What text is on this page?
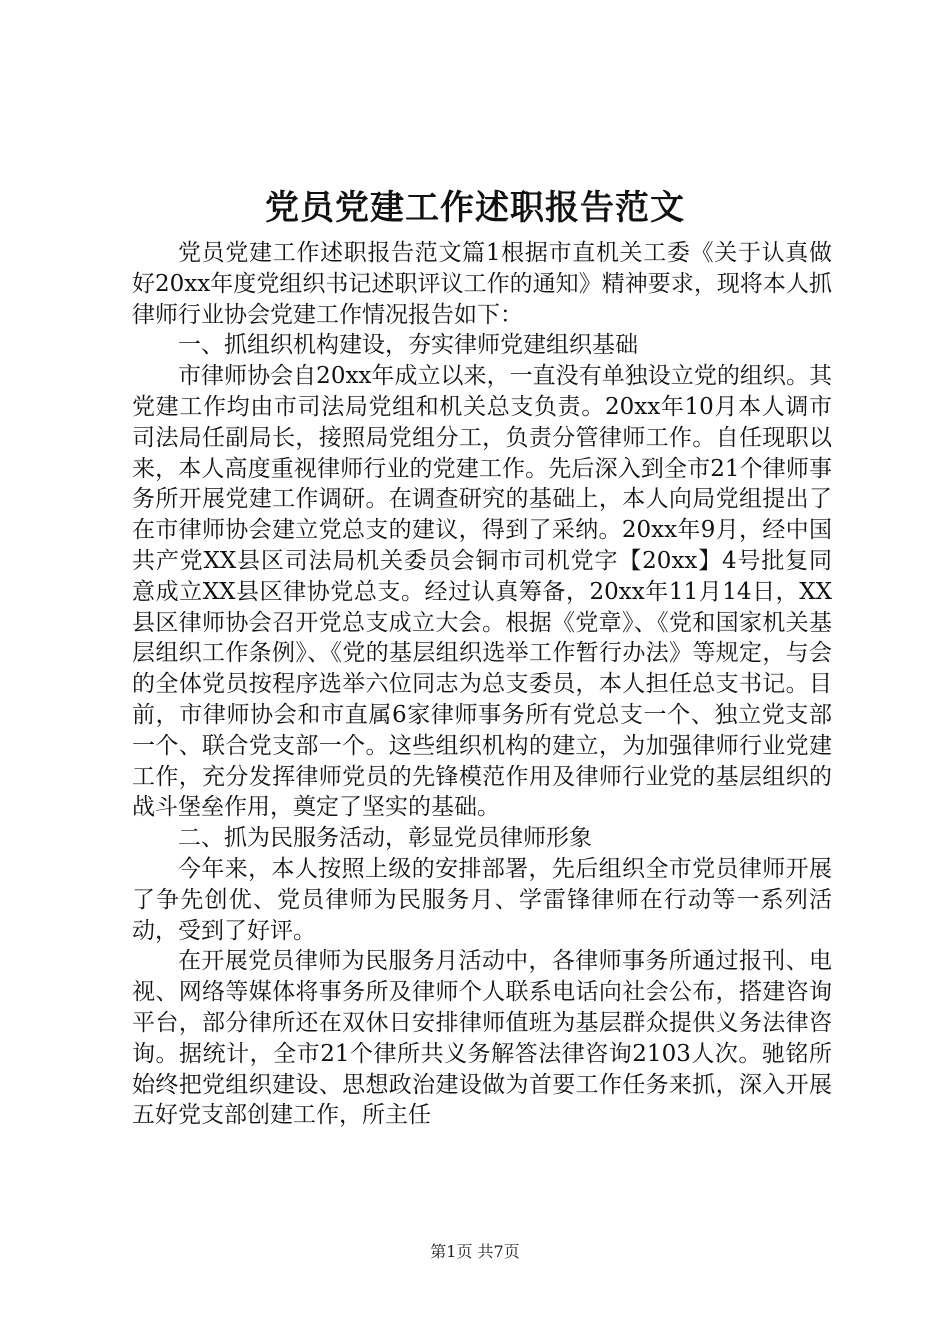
党员党建工作述职报告范文

党员党建工作述职报告范文篇1根据市直机关工委《关于认真做好20xx年度党组织书记述职评议工作的通知》精神要求，现将本人抓律师行业协会党建工作情况报告如下：

一、抓组织机构建设，夯实律师党建组织基础

市律师协会自20xx年成立以来，一直没有单独设立党的组织。其党建工作均由市司法局党组和机关总支负责。20xx年10月本人调市司法局任副局长，接照局党组分工，负责分管律师工作。自任现职以来，本人高度重视律师行业的党建工作。先后深入到全市21个律师事务所开展党建工作调研。在调查研究的基础上，本人向局党组提出了在市律师协会建立党总支的建议，得到了采纳。20xx年9月，经中国共产党XX县区司法局机关委员会铜市司机党字【20xx】4号批复同意成立XX县区律协党总支。经过认真筹备，20xx年11月14日，XX县区律师协会召开党总支成立大会。根据《党章》、《党和国家机关基层组织工作条例》、《党的基层组织选举工作暂行办法》等规定，与会的全体党员按程序选举六位同志为总支委员，本人担任总支书记。目前，市律师协会和市直属6家律师事务所有党总支一个、独立党支部一个、联合党支部一个。这些组织机构的建立，为加强律师行业党建工作，充分发挥律师党员的先锋模范作用及律师行业党的基层组织的战斗堡垒作用，奠定了坚实的基础。

二、抓为民服务活动，彰显党员律师形象

今年来，本人按照上级的安排部署，先后组织全市党员律师开展了争先创优、党员律师为民服务月、学雷锋律师在行动等一系列活动，受到了好评。

在开展党员律师为民服务月活动中，各律师事务所通过报刊、电视、网络等媒体将事务所及律师个人联系电话向社会公布，搭建咨询平台，部分律所还在双休日安排律师值班为基层群众提供义务法律咨询。据统计，全市21个律所共义务解答法律咨询2103人次。驰铭所始终把党组织建设、思想政治建设做为首要工作任务来抓，深入开展五好党支部创建工作，所主任

第1页 共7页
